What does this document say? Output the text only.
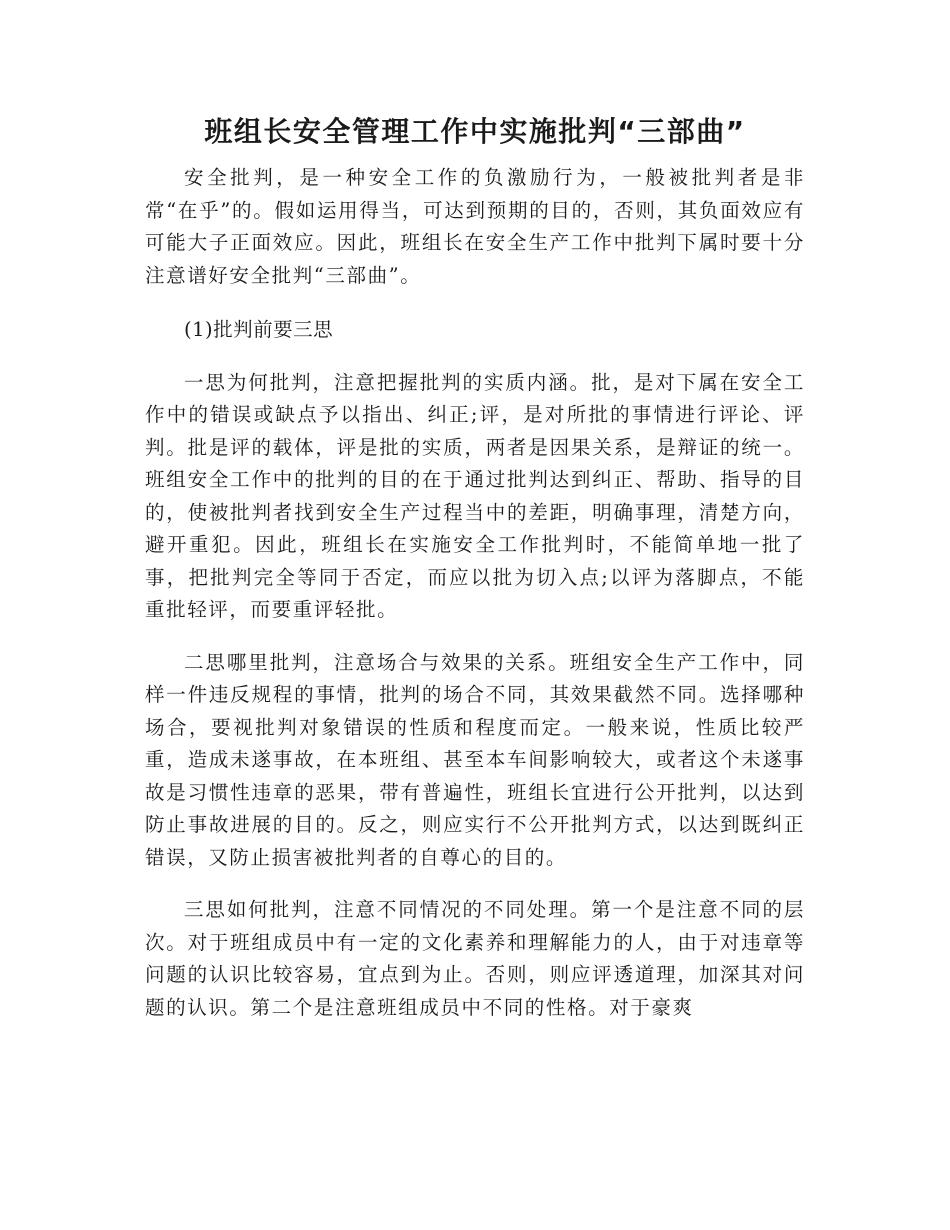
班组长安全管理工作中实施批判“三部曲”

安全批判，是一种安全工作的负激励行为，一般被批判者是非常“在乎”的。假如运用得当，可达到预期的目的，否则，其负面效应有可能大子正面效应。因此，班组长在安全生产工作中批判下属时要十分注意谱好安全批判“三部曲”。

(1)批判前要三思

一思为何批判，注意把握批判的实质内涵。批，是对下属在安全工作中的错误或缺点予以指出、纠正;评，是对所批的事情进行评论、评判。批是评的载体，评是批的实质，两者是因果关系，是辩证的统一。班组安全工作中的批判的目的在于通过批判达到纠正、帮助、指导的目的，使被批判者找到安全生产过程当中的差距，明确事理，清楚方向，避开重犯。因此，班组长在实施安全工作批判时，不能简单地一批了事，把批判完全等同于否定，而应以批为切入点;以评为落脚点，不能重批轻评，而要重评轻批。

二思哪里批判，注意场合与效果的关系。班组安全生产工作中，同样一件违反规程的事情，批判的场合不同，其效果截然不同。选择哪种场合，要视批判对象错误的性质和程度而定。一般来说，性质比较严重，造成未遂事故，在本班组、甚至本车间影响较大，或者这个未遂事故是习惯性违章的恶果，带有普遍性，班组长宜进行公开批判，以达到防止事故进展的目的。反之，则应实行不公开批判方式，以达到既纠正错误，又防止损害被批判者的自尊心的目的。

三思如何批判，注意不同情况的不同处理。第一个是注意不同的层次。对于班组成员中有一定的文化素养和理解能力的人，由于对违章等问题的认识比较容易，宜点到为止。否则，则应评透道理，加深其对问题的认识。第二个是注意班组成员中不同的性格。对于豪爽
